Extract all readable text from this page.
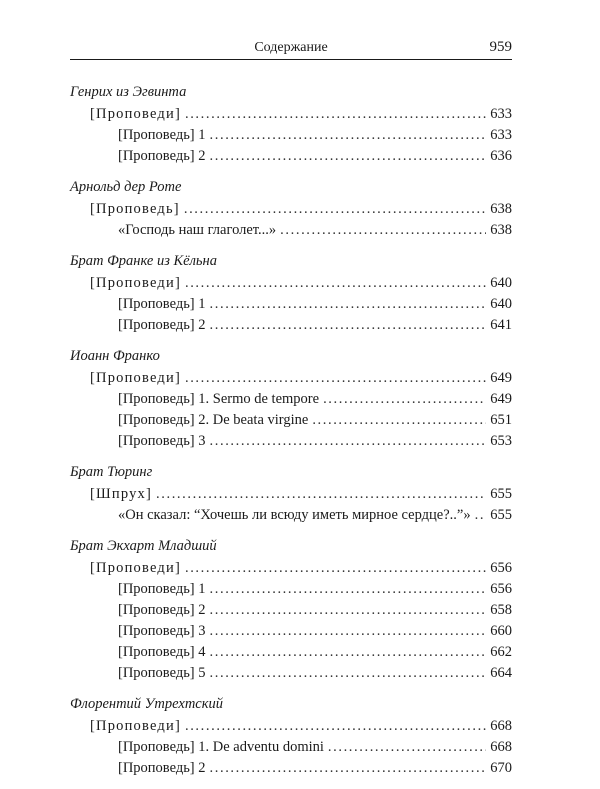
Содержание	959
Генрих из Эгвинта
[Проповеди] .....	633
[Проповедь] 1 .....	633
[Проповедь] 2 .....	636
Арнольд дер Роте
[Проповедь] .....	638
«Господь наш глаголет...» .....	638
Брат Франке из Кёльна
[Проповеди] .....	640
[Проповедь] 1 .....	640
[Проповедь] 2 .....	641
Иоанн Франко
[Проповеди] .....	649
[Проповедь] 1. Sermo de tempore .....	649
[Проповедь] 2. De beata virgine .....	651
[Проповедь] 3 .....	653
Брат Тюринг
[Шпрух] .....	655
«Он сказал: “Хочешь ли всюду иметь мирное сердце?..”» ..... 655
Брат Экхарт Младший
[Проповеди] .....	656
[Проповедь] 1 .....	656
[Проповедь] 2 .....	658
[Проповедь] 3 .....	660
[Проповедь] 4 .....	662
[Проповедь] 5 .....	664
Флорентий Утрехтский
[Проповеди] .....	668
[Проповедь] 1. De adventu domini .....	668
[Проповедь] 2 .....	670
